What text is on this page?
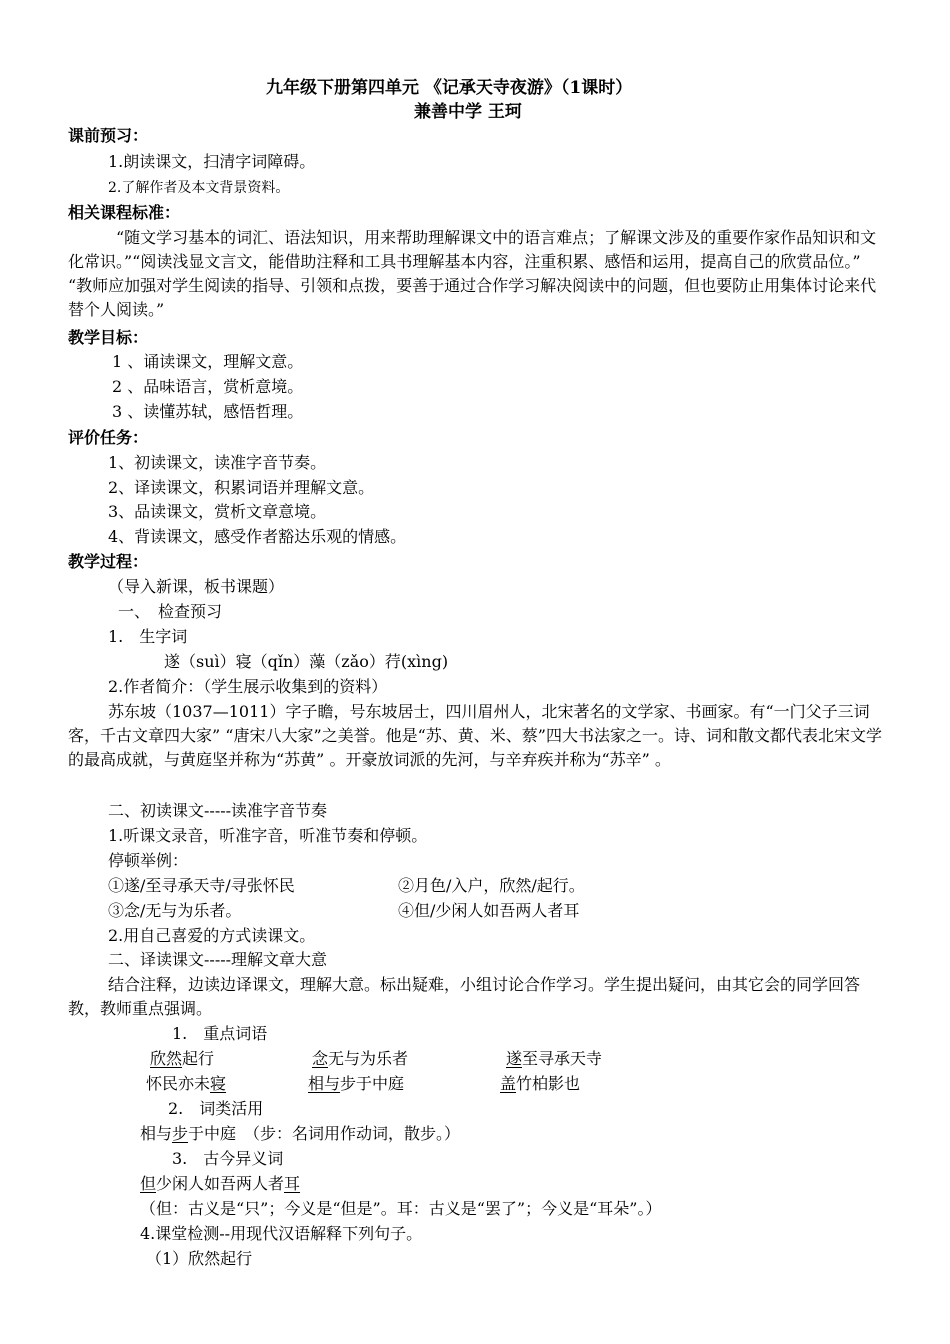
九年级下册第四单元 《记承天寺夜游》（1课时）
兼善中学 王珂
课前预习：
1.朗读课文，扫清字词障碍。
2.了解作者及本文背景资料。
相关课程标准：
“随文学习基本的词汇、语法知识，用来帮助理解课文中的语言难点；了解课文涉及的重要作家作品知识和文化常识。”“阅读浅显文言文，能借助注释和工具书理解基本内容，注重积累、感悟和运用，提高自己的欣赏品位。” “教师应加强对学生阅读的指导、引领和点拨，要善于通过合作学习解决阅读中的问题，但也要防止用集体讨论来代替个人阅读。”
教学目标：
1 、诵读课文，理解文意。
2 、品味语言，赏析意境。
3 、读懂苏轼，感悟哲理。
评价任务：
1、初读课文，读准字音节奏。
2、译读课文，积累词语并理解文意。
3、品读课文，赏析文章意境。
4、背读课文，感受作者豁达乐观的情感。
教学过程：
（导入新课，板书课题）
一、　检查预习
1.　生字词
遂（suì）寝（qǐn）藻（zǎo）荇(xìng)
2.作者简介：（学生展示收集到的资料）
苏东坡（1037—1011）字子瞻，号东坡居士，四川眉州人，北宋著名的文学家、书画家。有“一门父子三词客，千古文章四大家” “唐宋八大家”之美誉。他是“苏、黄、米、蔡”四大书法家之一。诗、词和散文都代表北宋文学的最高成就，与黄庭坚并称为“苏黄” 。开豪放词派的先河，与辛弃疾并称为“苏辛” 。
二、初读课文-----读准字音节奏
1.听课文录音，听准字音，听准节奏和停顿。
停顿举例：
①遂/至寻承天寺/寻张怀民	②月色/入户，欣然/起行。
③念/无与为乐者。	④但/少闲人如吾两人者耳
2.用自己喜爱的方式读课文。
二、译读课文-----理解文章大意
结合注释，边读边译课文，理解大意。标出疑难，小组讨论合作学习。学生提出疑问，由其它会的同学回答教，教师重点强调。
1.　重点词语
欣然起行	念无与为乐者	遂至寻承天寺
怀民亦未寝	相与步于中庭	盖竹柏影也
2.　词类活用
相与步于中庭　（步：名词用作动词，散步。）
3.　古今异义词
但少闲人如吾两人者耳
（但：古义是“只”；今义是“但是”。耳：古义是“罢了”；今义是“耳朵”。）
4.课堂检测--用现代汉语解释下列句子。
（1）欣然起行
